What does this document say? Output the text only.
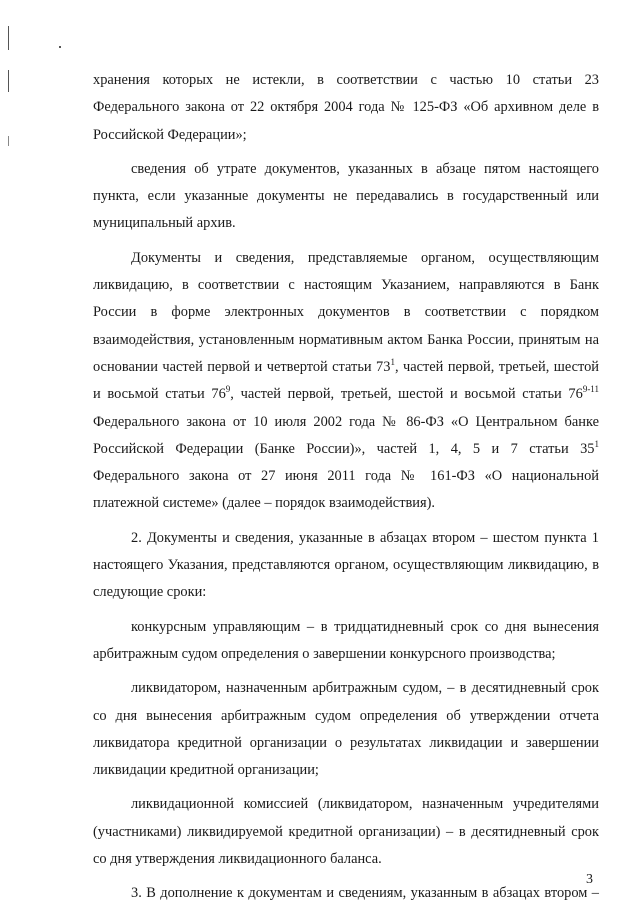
хранения которых не истекли, в соответствии с частью 10 статьи 23 Федерального закона от 22 октября 2004 года № 125-ФЗ «Об архивном деле в Российской Федерации»;

сведения об утрате документов, указанных в абзаце пятом настоящего пункта, если указанные документы не передавались в государственный или муниципальный архив.

Документы и сведения, представляемые органом, осуществляющим ликвидацию, в соответствии с настоящим Указанием, направляются в Банк России в форме электронных документов в соответствии с порядком взаимодействия, установленным нормативным актом Банка России, принятым на основании частей первой и четвертой статьи $73^1$, частей первой, третьей, шестой и восьмой статьи $76^9$, частей первой, третьей, шестой и восьмой статьи 76$^{9-11}$ Федерального закона от 10 июля 2002 года № 86-ФЗ «О Центральном банке Российской Федерации (Банке России)», частей 1, 4, 5 и 7 статьи $35^1$ Федерального закона от 27 июня 2011 года № 161-ФЗ «О национальной платежной системе» (далее – порядок взаимодействия).

2. Документы и сведения, указанные в абзацах втором – шестом пункта 1 настоящего Указания, представляются органом, осуществляющим ликвидацию, в следующие сроки:

конкурсным управляющим – в тридцатидневный срок со дня вынесения арбитражным судом определения о завершении конкурсного производства;

ликвидатором, назначенным арбитражным судом, – в десятидневный срок со дня вынесения арбитражным судом определения об утверждении отчета ликвидатора кредитной организации о результатах ликвидации и завершении ликвидации кредитной организации;

ликвидационной комиссией (ликвидатором, назначенным учредителями (участниками) ликвидируемой кредитной организации) – в десятидневный срок со дня утверждения ликвидационного баланса.

3. В дополнение к документам и сведениям, указанным в абзацах втором –

3
